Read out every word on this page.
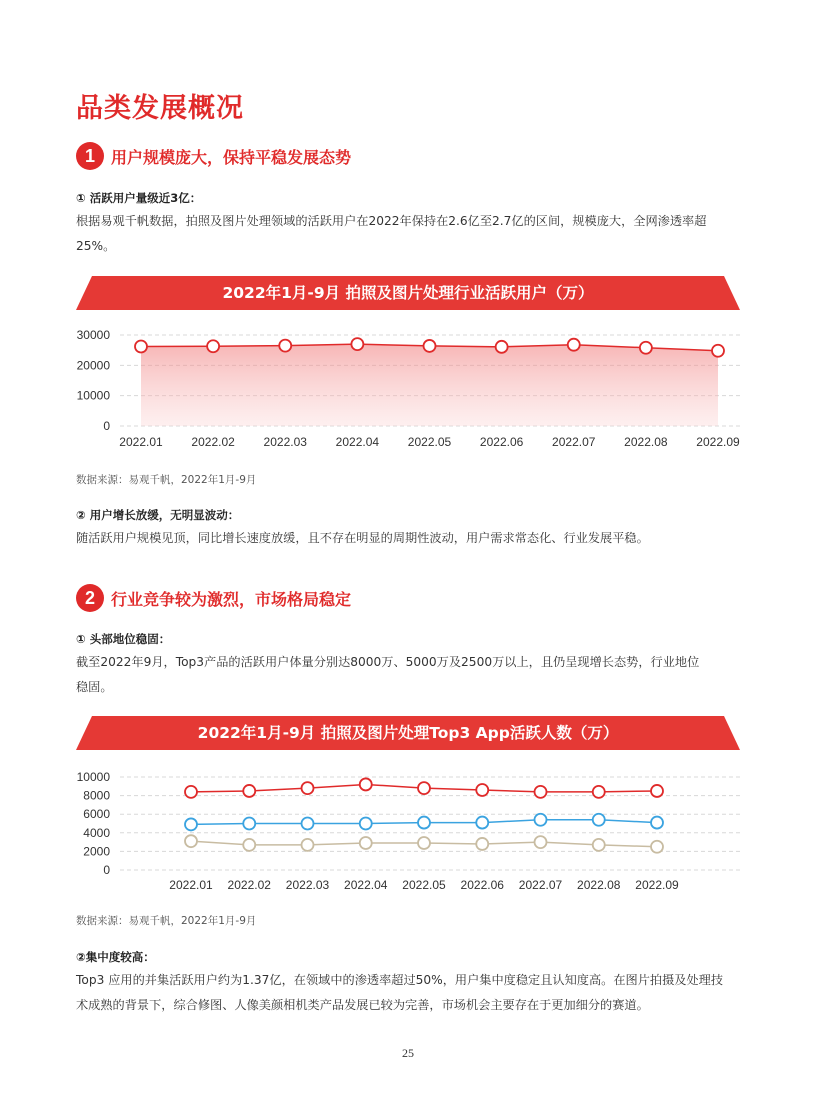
品类发展概况
1	用户规模庞大，保持平稳发展态势
① 活跃用户量级近3亿：
根据易观千帆数据，拍照及图片处理领域的活跃用户在2022年保持在2.6亿至2.7亿的区间，规模庞大，全网渗透率超
25%。
2022年1月-9月 拍照及图片处理行业活跃用户（万）
0
10000
20000
30000
2022.01 2022.02 2022.03 2022.04 2022.05 2022.06 2022.07 2022.08 2022.09
数据来源：易观千帆，2022年1月-9月
② 用户增长放缓，无明显波动：
随活跃用户规模见顶，同比增长速度放缓，且不存在明显的周期性波动，用户需求常态化、行业发展平稳。
2	行业竞争较为激烈，市场格局稳定
① 头部地位稳固：
截至2022年9月，Top3产品的活跃用户体量分别达8000万、5000万及2500万以上，且仍呈现增长态势，行业地位
稳固。
2022年1月-9月 拍照及图片处理Top3 App活跃人数（万）
0
2000
4000
6000
8000
10000
2022.01 2022.02 2022.03 2022.04 2022.05 2022.06 2022.07 2022.08 2022.09
数据来源：易观千帆，2022年1月-9月
②集中度较高：
Top3 应用的并集活跃用户约为1.37亿，在领域中的渗透率超过50%，用户集中度稳定且认知度高。在图片拍摄及处理技
术成熟的背景下，综合修图、人像美颜相机类产品发展已较为完善，市场机会主要存在于更加细分的赛道。
25
